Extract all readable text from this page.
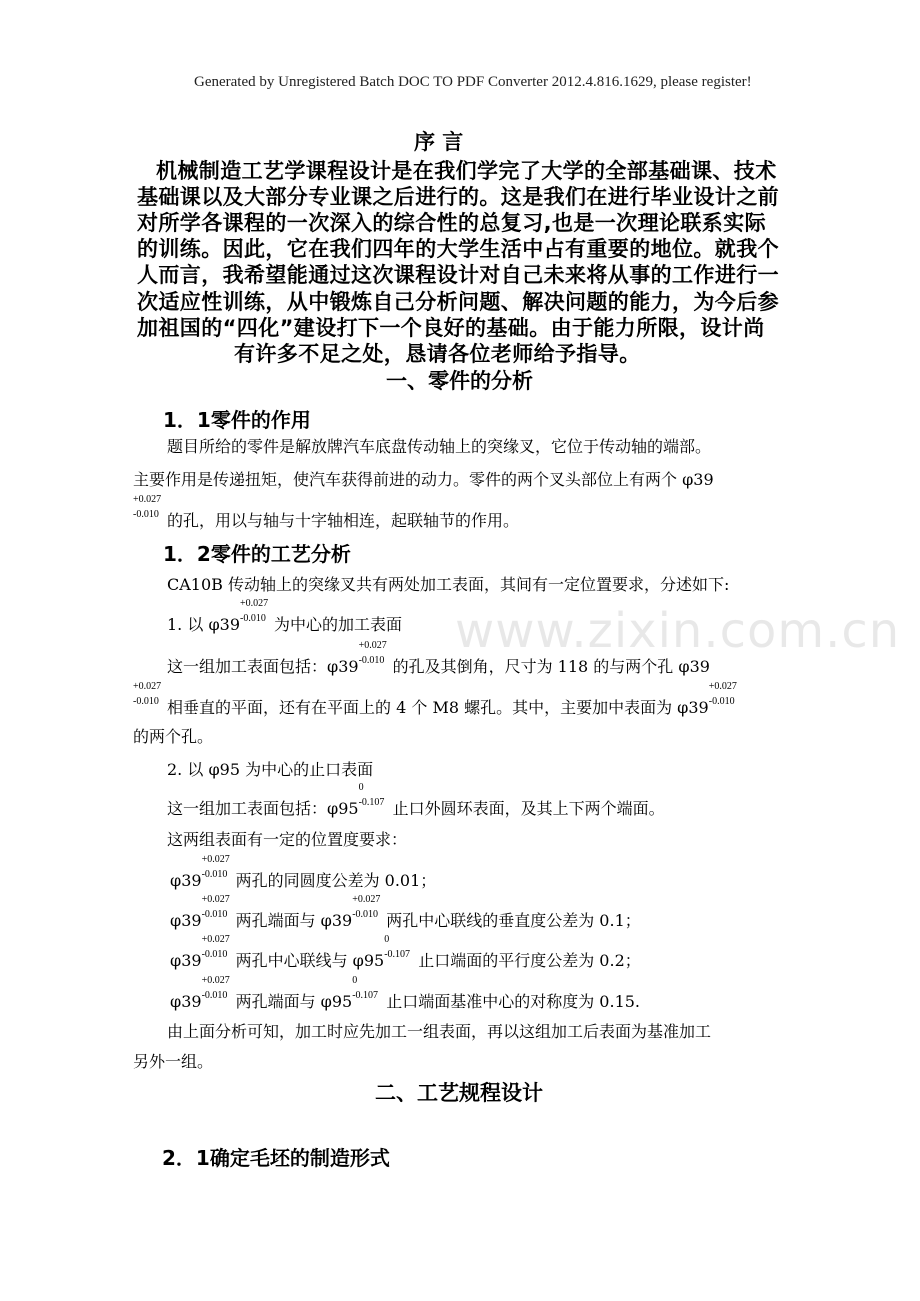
Generated by Unregistered Batch DOC TO PDF Converter 2012.4.816.1629, please register!
www.zixin.com.cn
序 言
机械制造工艺学课程设计是在我们学完了大学的全部基础课、技术
基础课以及大部分专业课之后进行的。这是我们在进行毕业设计之前
对所学各课程的一次深入的综合性的总复习,也是一次理论联系实际
的训练。因此，它在我们四年的大学生活中占有重要的地位。就我个
人而言，我希望能通过这次课程设计对自己未来将从事的工作进行一
次适应性训练，从中锻炼自己分析问题、解决问题的能力，为今后参
加祖国的“四化”建设打下一个良好的基础。由于能力所限，设计尚
有许多不足之处，恳请各位老师给予指导。
一、零件的分析
1．1零件的作用
题目所给的零件是解放牌汽车底盘传动轴上的突缘叉，它位于传动轴的端部。
主要作用是传递扭矩，使汽车获得前进的动力。零件的两个叉头部位上有两个 φ39
+0.027
-0.010 的孔，用以与轴与十字轴相连，起联轴节的作用。
1．2零件的工艺分析
CA10B 传动轴上的突缘叉共有两处加工表面，其间有一定位置要求，分述如下:
1. 以 φ39
+0.027
-0.010 为中心的加工表面
这一组加工表面包括：φ39
+0.027
-0.010 的孔及其倒角，尺寸为 118 的与两个孔 φ39
+0.027
-0.010 相垂直的平面，还有在平面上的 4 个 M8 螺孔。其中，主要加中表面为 φ39
+0.027
-0.010
的两个孔。
2. 以 φ95 为中心的止口表面
这一组加工表面包括：φ95
0
-0.107 止口外圆环表面，及其上下两个端面。
这两组表面有一定的位置度要求：
φ39
+0.027
-0.010 两孔的同圆度公差为 0.01；
φ39
+0.027
-0.010 两孔端面与 φ39
+0.027
-0.010 两孔中心联线的垂直度公差为 0.1；
φ39
+0.027
-0.010 两孔中心联线与 φ95
0
-0.107 止口端面的平行度公差为 0.2；
φ39
+0.027
-0.010 两孔端面与 φ95
0
-0.107 止口端面基准中心的对称度为 0.15.
由上面分析可知，加工时应先加工一组表面，再以这组加工后表面为基准加工
另外一组。
二、工艺规程设计
2．1确定毛坯的制造形式
